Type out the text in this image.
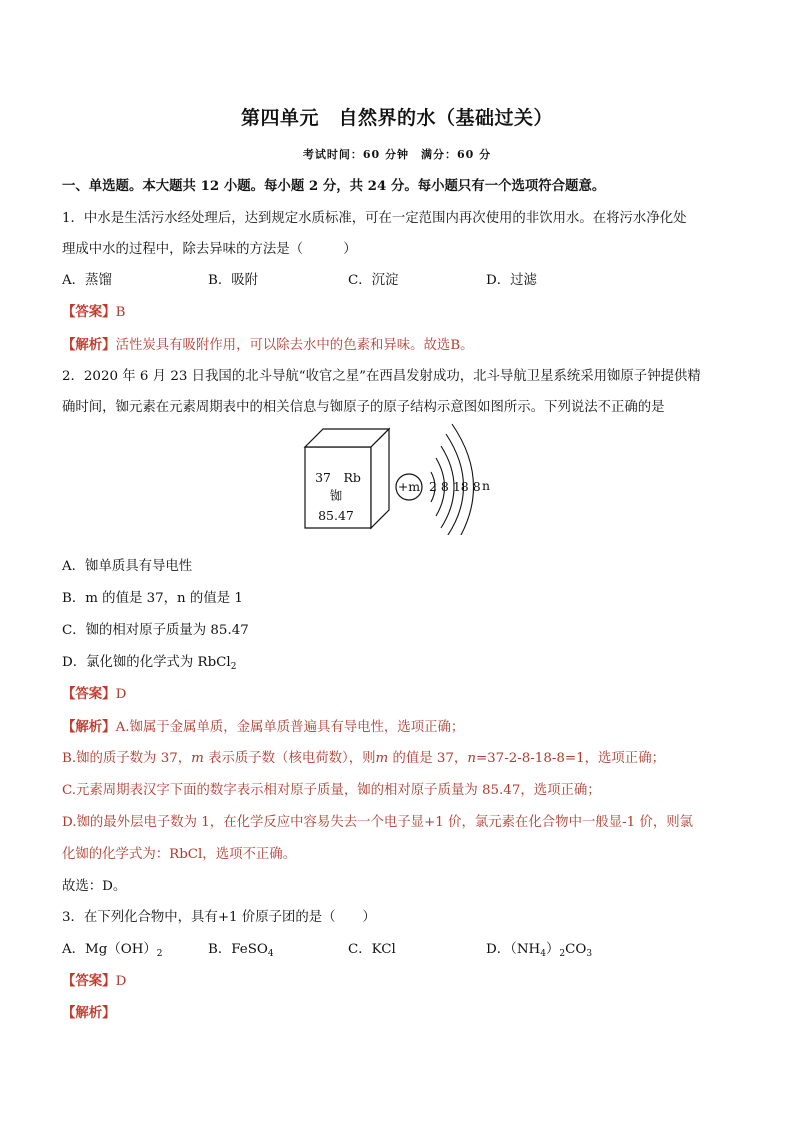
第四单元　自然界的水（基础过关）
考试时间：60 分钟　满分：60 分
一、单选题。本大题共 12 小题。每小题 2 分，共 24 分。每小题只有一个选项符合题意。
1．中水是生活污水经处理后，达到规定水质标准，可在一定范围内再次使用的非饮用水。在将污水净化处
理成中水的过程中，除去异味的方法是（　　　）
A．蒸馏	B．吸附	C．沉淀	D．过滤
【答案】B
【解析】活性炭具有吸附作用，可以除去水中的色素和异味。故选B。
2．2020 年 6 月 23 日我国的北斗导航“收官之星”在西昌发射成功，北斗导航卫星系统采用铷原子钟提供精
确时间，铷元素在元素周期表中的相关信息与铷原子的原子结构示意图如图所示。下列说法不正确的是
37　Rb
铷
85.47
+m 2 8 18 8 n
A．铷单质具有导电性
B．m 的值是 37，n 的值是 1
C．铷的相对原子质量为 85.47
D．氯化铷的化学式为 RbCl$_2$
【答案】D
【解析】A.铷属于金属单质，金属单质普遍具有导电性，选项正确；
B.铷的质子数为 37，m 表示质子数（核电荷数），则m 的值是 37，n=37-2-8-18-8=1，选项正确；
C.元素周期表汉字下面的数字表示相对原子质量，铷的相对原子质量为 85.47，选项正确；
D.铷的最外层电子数为 1，在化学反应中容易失去一个电子显+1 价，氯元素在化合物中一般显-1 价，则氯
化铷的化学式为：RbCl，选项不正确。
故选：D。
3．在下列化合物中，具有+1 价原子团的是（　　）
A．$Mg(OH)_2$	B．FeSO$_4$	C．KCl	D．$(NH_4)_2CO_3$
【答案】D
【解析】
